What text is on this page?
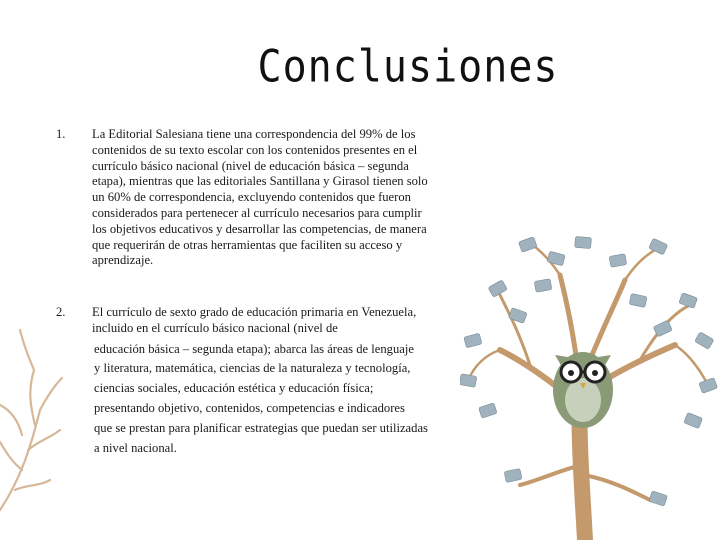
Conclusiones
1. La Editorial Salesiana tiene una correspondencia del 99% de los
contenidos de su texto escolar con los contenidos presentes en el
currículo básico nacional (nivel de educación básica – segunda
etapa), mientras que las editoriales Santillana y Girasol tienen solo
un 60% de correspondencia, excluyendo contenidos que fueron
considerados para pertenecer al currículo necesarios para cumplir
los objetivos educativos y desarrollar las competencias, de manera
que requerirán de otras herramientas que faciliten su acceso y
aprendizaje.
2. El currículo de sexto grado de educación primaria en Venezuela,
incluido en el currículo básico nacional (nivel de
educación básica – segunda etapa); abarca las áreas de lenguaje
y literatura, matemática, ciencias de la naturaleza y tecnología,
ciencias sociales, educación estética y educación física;
presentando objetivo, contenidos, competencias e indicadores
que se prestan para planificar estrategias que puedan ser utilizadas
a nivel nacional.
